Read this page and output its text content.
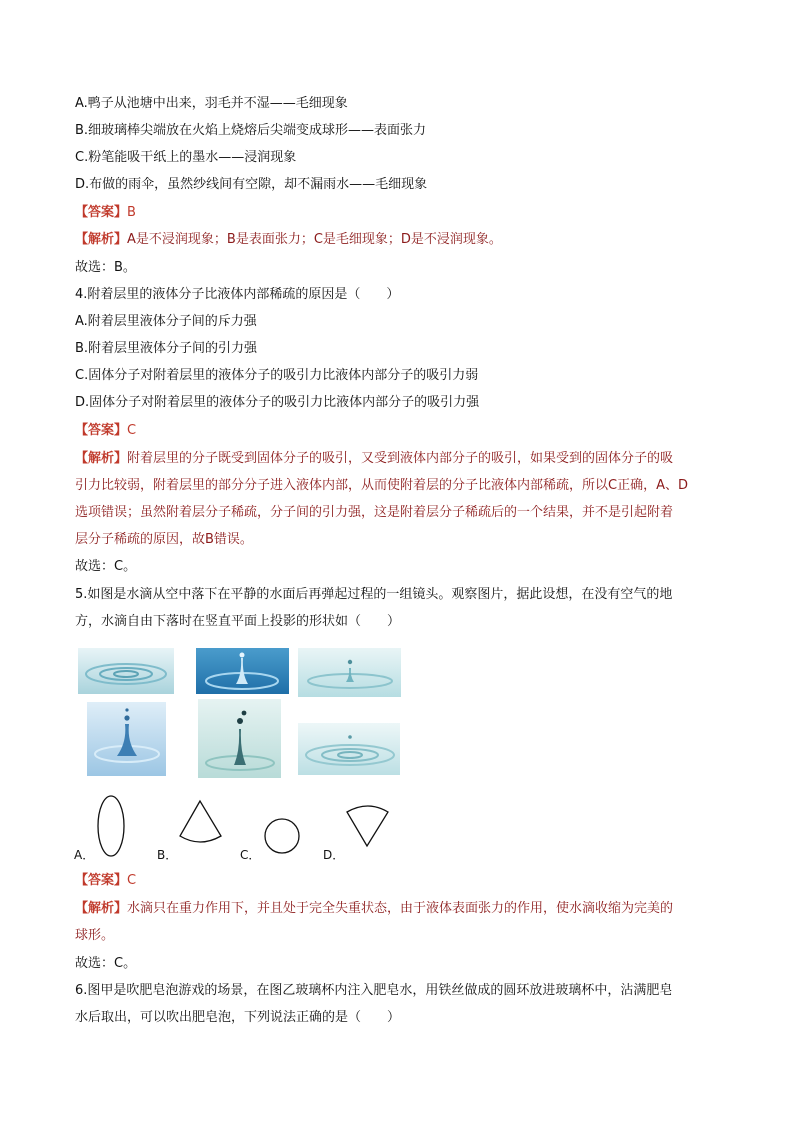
A.鸭子从池塘中出来，羽毛并不湿——毛细现象
B.细玻璃棒尖端放在火焰上烧熔后尖端变成球形——表面张力
C.粉笔能吸干纸上的墨水——浸润现象
D.布做的雨伞，虽然纱线间有空隙，却不漏雨水——毛细现象
【答案】B
【解析】A是不浸润现象；B是表面张力；C是毛细现象；D是不浸润现象。
故选：B。
4.附着层里的液体分子比液体内部稀疏的原因是（　　）
A.附着层里液体分子间的斥力强
B.附着层里液体分子间的引力强
C.固体分子对附着层里的液体分子的吸引力比液体内部分子的吸引力弱
D.固体分子对附着层里的液体分子的吸引力比液体内部分子的吸引力强
【答案】C
【解析】附着层里的分子既受到固体分子的吸引，又受到液体内部分子的吸引，如果受到的固体分子的吸
引力比较弱，附着层里的部分分子进入液体内部，从而使附着层的分子比液体内部稀疏，所以C正确，A、D
选项错误；虽然附着层分子稀疏，分子间的引力强，这是附着层分子稀疏后的一个结果，并不是引起附着
层分子稀疏的原因，故B错误。
故选：C。
5.如图是水滴从空中落下在平静的水面后再弹起过程的一组镜头。观察图片，据此设想，在没有空气的地
方，水滴自由下落时在竖直平面上投影的形状如（　　）
A．	B．	C．	D．
【答案】C
【解析】水滴只在重力作用下，并且处于完全失重状态，由于液体表面张力的作用，使水滴收缩为完美的
球形。
故选：C。
6.图甲是吹肥皂泡游戏的场景，在图乙玻璃杯内注入肥皂水，用铁丝做成的圆环放进玻璃杯中，沾满肥皂
水后取出，可以吹出肥皂泡，下列说法正确的是（　　）
